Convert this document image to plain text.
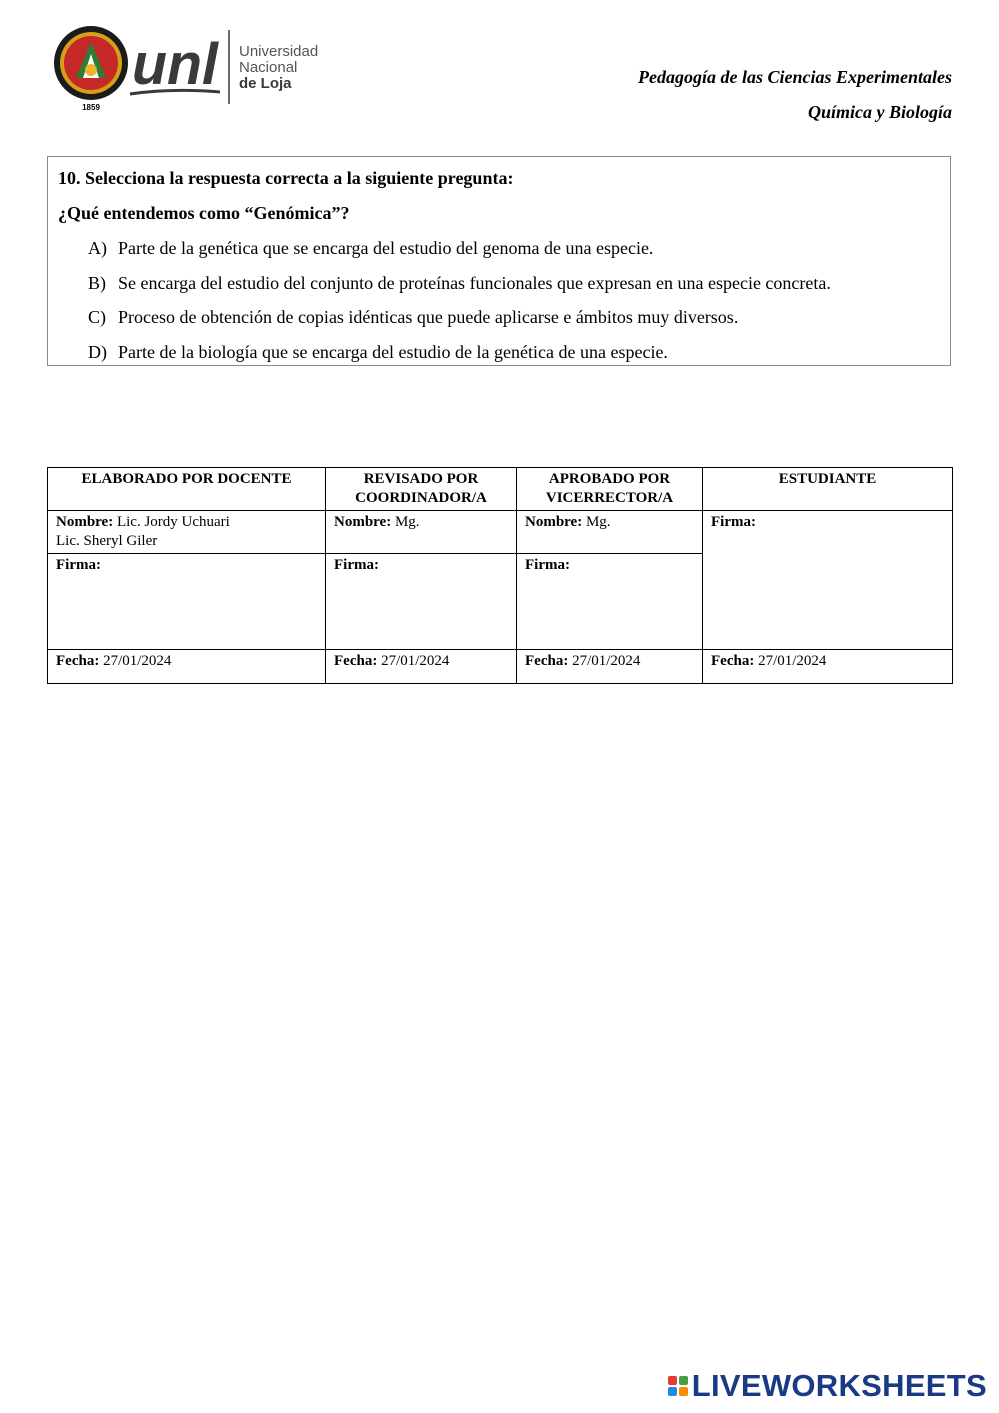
1859
unl Universidad
Nacional
de Loja	Pedagogía de las Ciencias Experimentales
Química y Biología
10. Selecciona la respuesta correcta a la siguiente pregunta:
¿Qué entendemos como “Genómica”?
A) Parte de la genética que se encarga del estudio del genoma de una especie.
B) Se encarga del estudio del conjunto de proteínas funcionales que expresan en una especie concreta.
C) Proceso de obtención de copias idénticas que puede aplicarse e ámbitos muy diversos.
D) Parte de la biología que se encarga del estudio de la genética de una especie.
ELABORADO POR DOCENTE	REVISADO POR COORDINADOR/A	APROBADO POR VICERRECTOR/A	ESTUDIANTE
Nombre: Lic. Jordy Uchuari
Lic. Sheryl Giler	Nombre: Mg.	Nombre: Mg.	Firma:
Firma:	Firma:	Firma:	
Fecha: 27/01/2024	Fecha: 27/01/2024	Fecha: 27/01/2024	Fecha: 27/01/2024
LIVEWORKSHEETS
